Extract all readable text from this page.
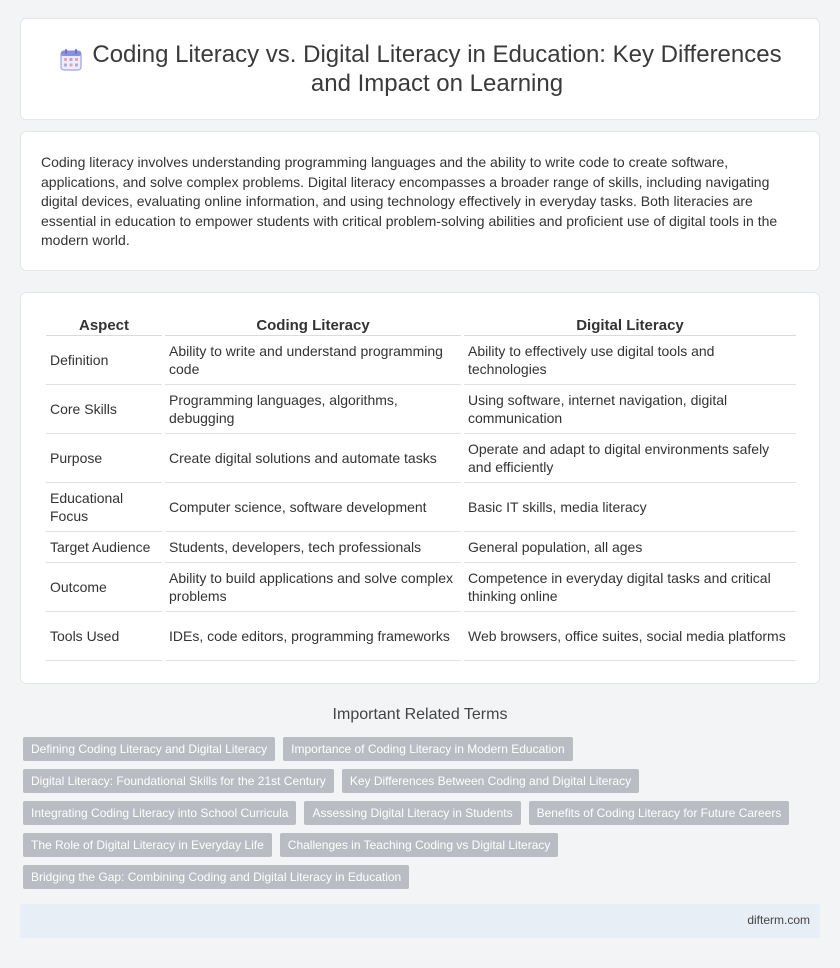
Coding Literacy vs. Digital Literacy in Education: Key Differences and Impact on Learning

Coding literacy involves understanding programming languages and the ability to write code to create software, applications, and solve complex problems. Digital literacy encompasses a broader range of skills, including navigating digital devices, evaluating online information, and using technology effectively in everyday tasks. Both literacies are essential in education to empower students with critical problem-solving abilities and proficient use of digital tools in the modern world.

Aspect	Coding Literacy	Digital Literacy
Definition	Ability to write and understand programming code	Ability to effectively use digital tools and technologies
Core Skills	Programming languages, algorithms, debugging	Using software, internet navigation, digital communication
Purpose	Create digital solutions and automate tasks	Operate and adapt to digital environments safely and efficiently
Educational Focus	Computer science, software development	Basic IT skills, media literacy
Target Audience	Students, developers, tech professionals	General population, all ages
Outcome	Ability to build applications and solve complex problems	Competence in everyday digital tasks and critical thinking online
Tools Used	IDEs, code editors, programming frameworks	Web browsers, office suites, social media platforms
Important Related Terms
Defining Coding Literacy and Digital Literacy	Importance of Coding Literacy in Modern Education
Digital Literacy: Foundational Skills for the 21st Century	Key Differences Between Coding and Digital Literacy
Integrating Coding Literacy into School Curricula	Assessing Digital Literacy in Students	Benefits of Coding Literacy for Future Careers
The Role of Digital Literacy in Everyday Life	Challenges in Teaching Coding vs Digital Literacy
Bridging the Gap: Combining Coding and Digital Literacy in Education
difterm.com
